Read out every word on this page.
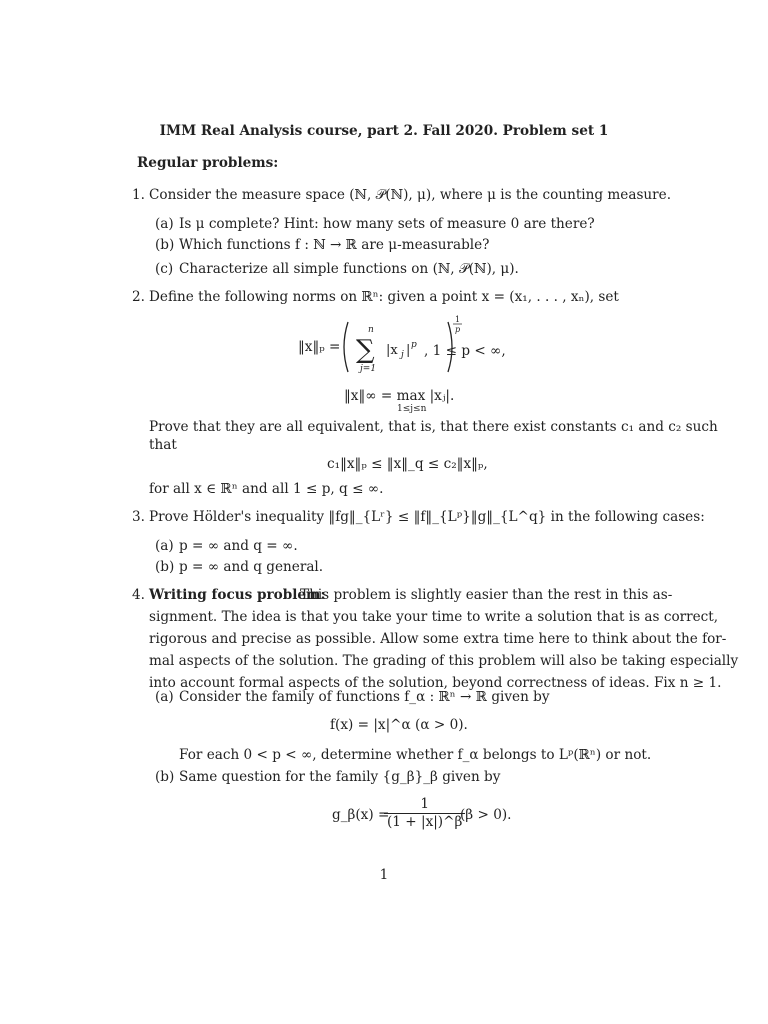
IMM Real Analysis course, part 2. Fall 2020. Problem set 1
Regular problems:
1. Consider the measure space (ℕ, 𝒫(ℕ), μ), where μ is the counting measure.
(a) Is μ complete? Hint: how many sets of measure 0 are there?
(b) Which functions f : ℕ → ℝ are μ-measurable?
(c) Characterize all simple functions on (ℕ, 𝒫(ℕ), μ).
2. Define the following norms on ℝⁿ: given a point x = (x₁, . . . , xₙ), set
‖x‖ₚ =
n
∑
j=1
|x j | p
1
p
, 1 ≤ p < ∞,
‖x‖∞ = max |xⱼ|.
1≤j≤n
Prove that they are all equivalent, that is, that there exist constants c₁ and c₂ such
that
c₁‖x‖ₚ ≤ ‖x‖_q ≤ c₂‖x‖ₚ,
for all x ∈ ℝⁿ and all 1 ≤ p, q ≤ ∞.
3. Prove Hölder's inequality ‖fg‖_{Lʳ} ≤ ‖f‖_{Lᵖ}‖g‖_{L^q} in the following cases:
(a) p = ∞ and q = ∞.
(b) p = ∞ and q general.
4. Writing focus problem:
This problem is slightly easier than the rest in this as-
signment. The idea is that you take your time to write a solution that is as correct,
rigorous and precise as possible. Allow some extra time here to think about the for-
mal aspects of the solution. The grading of this problem will also be taking especially
into account formal aspects of the solution, beyond correctness of ideas. Fix n ≥ 1.
(a) Consider the family of functions f_α : ℝⁿ → ℝ given by
f(x) = |x|^α (α > 0).
For each 0 < p < ∞, determine whether f_α belongs to Lᵖ(ℝⁿ) or not.
(b) Same question for the family {g_β}_β given by
g_β(x) =
$\frac{1}{(1 + |x|)\^{}\beta}$
(β > 0).
1
